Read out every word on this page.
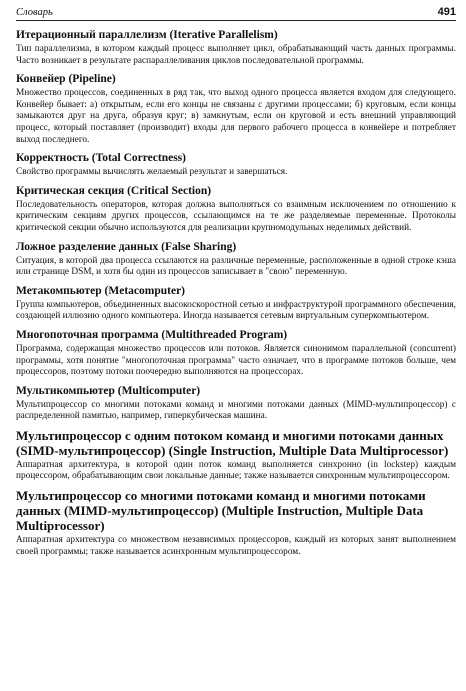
Словарь	491

Итерационный параллелизм (Iterative Parallelism)

Тип параллелизма, в котором каждый процесс выполняет цикл, обрабатывающий часть данных программы. Часто возникает в результате распараллеливания циклов последовательной программы.

Конвейер (Pipeline)

Множество процессов, соединенных в ряд так, что выход одного процесса является входом для следующего. Конвейер бывает: а) открытым, если его концы не связаны с другими процессами; б) круговым, если концы замыкаются друг на друга, образуя круг; в) замкнутым, если он круговой и есть внешний управляющий процесс, который поставляет (производит) входы для первого рабочего процесса в конвейере и потребляет выход последнего.

Корректность (Total Correctness)

Свойство программы вычислять желаемый результат и завершаться.

Критическая секция (Critical Section)

Последовательность операторов, которая должна выполняться со взаимным исключением по отношению к критическим секциям других процессов, ссылающимся на те же разделяемые переменные. Протоколы критической секции обычно используются для реализации крупномодульных неделимых действий.

Ложное разделение данных (False Sharing)

Ситуация, в которой два процесса ссылаются на различные переменные, расположенные в одной строке кэша или странице DSM, и хотя бы один из процессов записывает в "свою" переменную.

Метакомпьютер (Metacomputer)

Группа компьютеров, объединенных высокоскоростной сетью и инфраструктурой программного обеспечения, создающей иллюзию одного компьютера. Иногда называется сетевым виртуальным суперкомпьютером.

Многопоточная программа (Multithreaded Program)

Программа, содержащая множество процессов или потоков. Является синонимом параллельной (concurrent) программы, хотя понятие "многопоточная программа" часто означает, что в программе потоков больше, чем процессоров, поэтому потоки поочередно выполняются на процессорах.

Мультикомпьютер (Multicomputer)

Мультипроцессор со многими потоками команд и многими потоками данных (MIMD-мультипроцессор) с распределенной памятью, например, гиперкубическая машина.

Мультипроцессор с одним потоком команд и многими потоками данных (SIMD-мультипроцессор) (Single Instruction, Multiple Data Multiprocessor)

Аппаратная архитектура, в которой один поток команд выполняется синхронно (in lockstep) каждым процессором, обрабатывающим свои локальные данные; также называется синхронным мультипроцессором.

Мультипроцессор со многими потоками команд и многими потоками данных (MIMD-мультипроцессор) (Multiple Instruction, Multiple Data Multiprocessor)

Аппаратная архитектура со множеством независимых процессоров, каждый из которых занят выполнением своей программы; также называется асинхронным мультипроцессором.
